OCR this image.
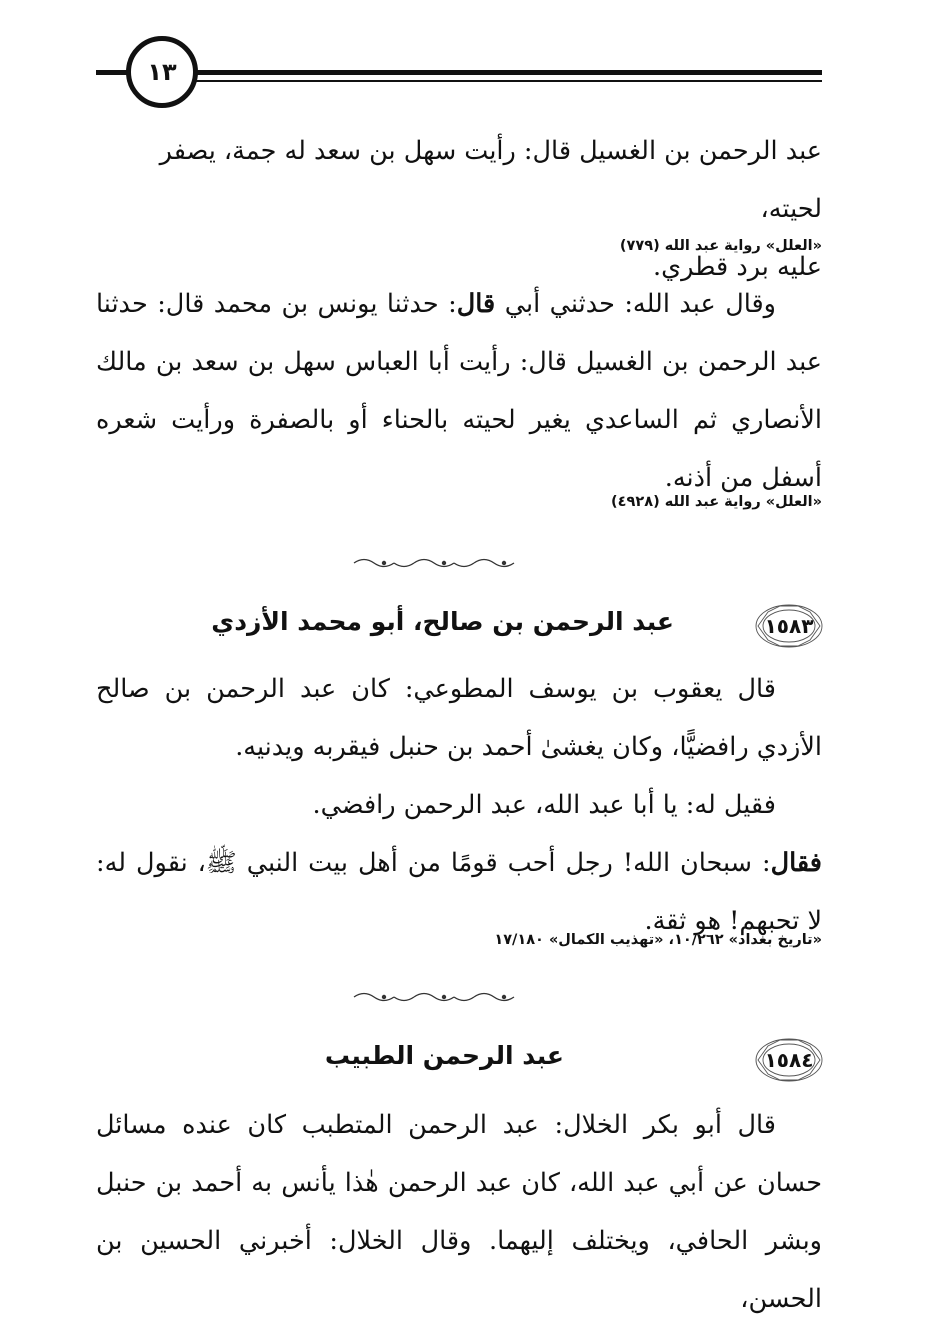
١٣

عبد الرحمن بن الغسيل قال: رأيت سهل بن سعد له جمة، يصفر لحيته،

عليه برد قطري.

«العلل» رواية عبد الله (٧٧٩)

وقال عبد الله: حدثني أبي قال: حدثنا يونس بن محمد قال: حدثنا عبد الرحمن بن الغسيل قال: رأيت أبا العباس سهل بن سعد بن مالك الأنصاري ثم الساعدي يغير لحيته بالحناء أو بالصفرة ورأيت شعره أسفل من أذنه.

«العلل» رواية عبد الله (٤٩٢٨)

١٥٨٣
عبد الرحمن بن صالح، أبو محمد الأزدي

قال يعقوب بن يوسف المطوعي: كان عبد الرحمن بن صالح الأزدي رافضيًّا، وكان يغشىٰ أحمد بن حنبل فيقربه ويدنيه.

فقيل له: يا أبا عبد الله، عبد الرحمن رافضي.

فقال: سبحان الله! رجل أحب قومًا من أهل بيت النبي ﷺ، نقول له: لا تحبهم! هو ثقة.

«تاريخ بغداد» ١٠/٢٦٢، «تهذيب الكمال» ١٧/١٨٠

١٥٨٤
عبد الرحمن الطبيب

قال أبو بكر الخلال: عبد الرحمن المتطبب كان عنده مسائل حسان عن أبي عبد الله، كان عبد الرحمن هٰذا يأنس به أحمد بن حنبل وبشر الحافي، ويختلف إليهما. وقال الخلال: أخبرني الحسين بن الحسن،
